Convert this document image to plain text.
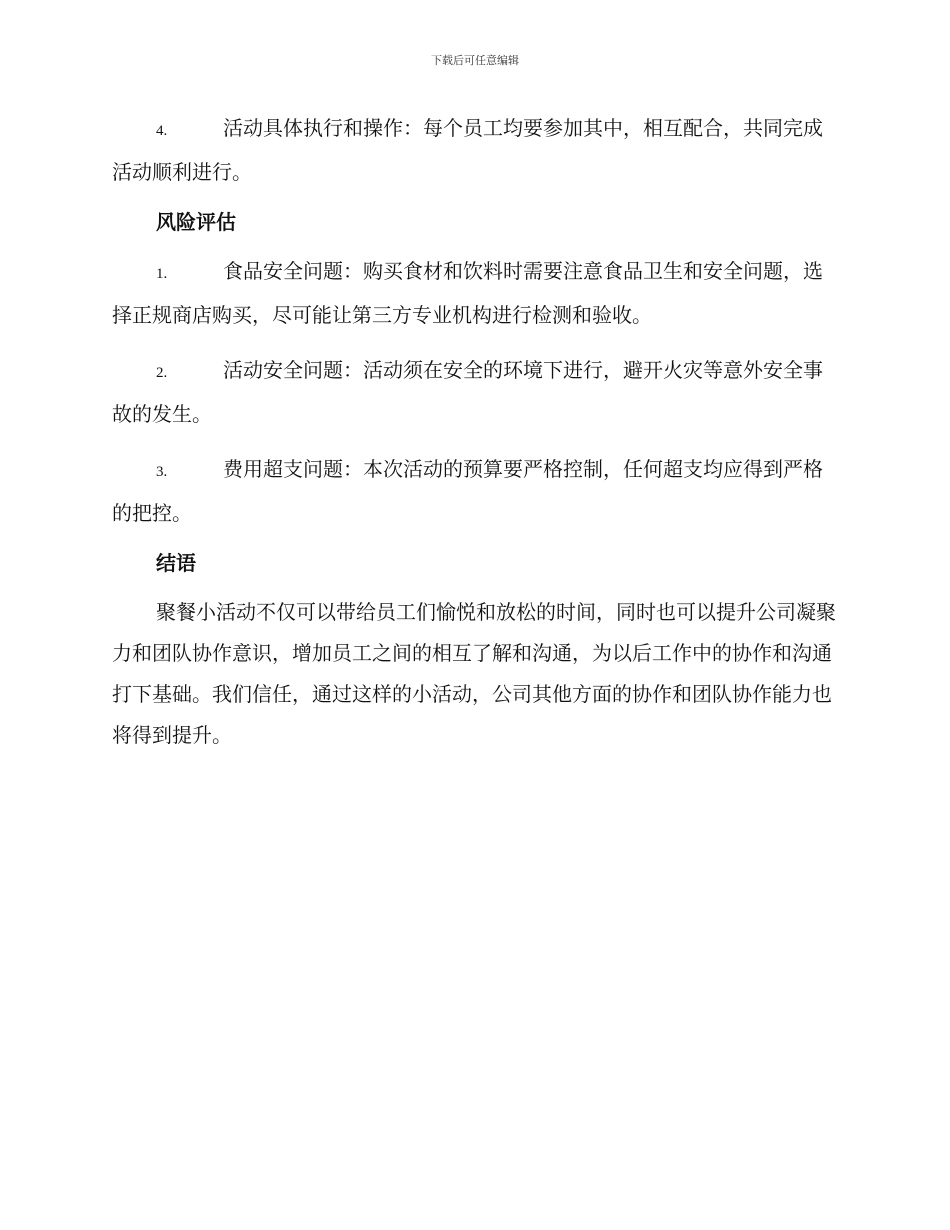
下载后可任意编辑

4.	活动具体执行和操作：每个员工均要参加其中，相互配合，共同完成活动顺利进行。

风险评估

1.	食品安全问题：购买食材和饮料时需要注意食品卫生和安全问题，选择正规商店购买，尽可能让第三方专业机构进行检测和验收。

2.	活动安全问题：活动须在安全的环境下进行，避开火灾等意外安全事故的发生。

3.	费用超支问题：本次活动的预算要严格控制，任何超支均应得到严格的把控。

结语

聚餐小活动不仅可以带给员工们愉悦和放松的时间，同时也可以提升公司凝聚力和团队协作意识，增加员工之间的相互了解和沟通，为以后工作中的协作和沟通打下基础。我们信任，通过这样的小活动，公司其他方面的协作和团队协作能力也将得到提升。
